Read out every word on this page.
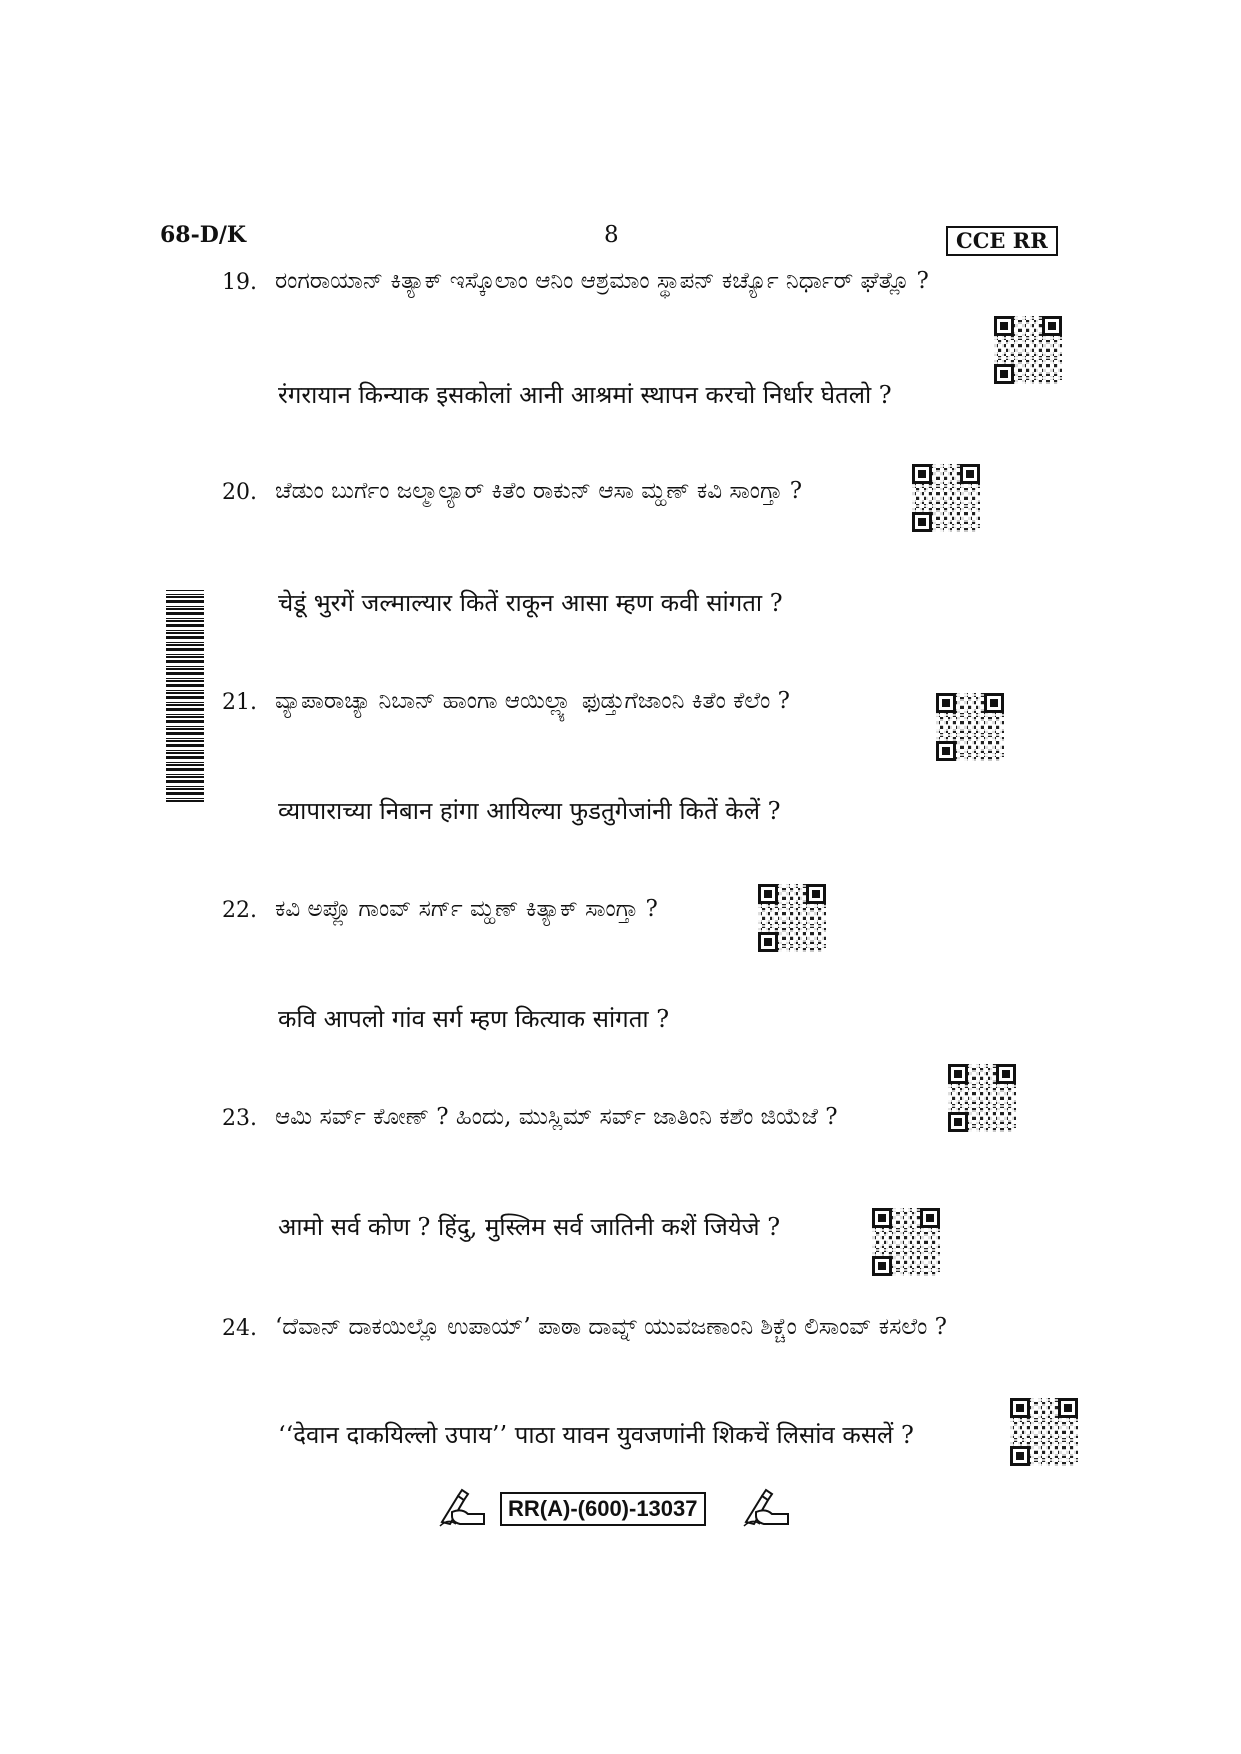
68-D/K	8	CCE RR
19. ರಂಗರಾಯಾನ್ ಕಿತ್ಯಾಕ್ ಇಸ್ಕೊಲಾಂ ಆನಿಂ ಆಶ್ರಮಾಂ ಸ್ಥಾಪನ್ ಕರ್ಚ್ಯೊ ನಿರ್ಧಾರ್ ಘೆತ್ಲೊ ?
रंगरायान किन्याक इसकोलां आनी आश्रमां स्थापन करचो निर्धार घेतलो ?
20. ಚೆಡುಂ ಬುರ್ಗೆಂ ಜಲ್ಮಾಲ್ಯಾರ್ ಕಿತೆಂ ರಾಕುನ್ ಆಸಾ ಮ್ಹಣ್ ಕವಿ ಸಾಂಗ್ತಾ ?
चेडूं भुरगें जल्माल्यार कितें राकून आसा म्हण कवी सांगता ?
21. ವ್ಯಾಪಾರಾಚ್ಯಾ ನಿಬಾನ್ ಹಾಂಗಾ ಆಯಿಲ್ಲ್ಯಾ ಫುಡ್ತುಗೆಜಾಂನಿ ಕಿತೆಂ ಕೆಲೆಂ ?
व्यापाराच्या निबान हांगा आयिल्या फुडतुगेजांनी कितें केलें ?
22. ಕವಿ ಅಪ್ಲೊ ಗಾಂವ್ ಸರ್ಗ್ ಮ್ಹಣ್ ಕಿತ್ಯಾಕ್ ಸಾಂಗ್ತಾ ?
कवि आपलो गांव सर्ग म्हण कित्याक सांगता ?
23. ಆಮಿ ಸರ್ವ್ ಕೋಣ್ ? ಹಿಂದು, ಮುಸ್ಲಿಮ್ ಸರ್ವ್ ಜಾತಿಂನಿ ಕಶೆಂ ಜಿಯೆಜೆ ?
आमो सर्व कोण ? हिंदु, मुस्लिम सर्व जातिनी कशें जियेजे ?
24. ‘ದೆವಾನ್ ದಾಕಯಿಲ್ಲೊ ಉಪಾಯ್’ ಪಾಠಾ ದಾವ್ನ್ ಯುವಜಣಾಂನಿ ಶಿಕ್ಚೆಂ ಲಿಸಾಂವ್ ಕಸಲೆಂ ?
‘‘देवान दाकयिल्लो उपाय’’ पाठा यावन युवजणांनी शिकचें लिसांव कसलें ?
RR(A)-(600)-13037
